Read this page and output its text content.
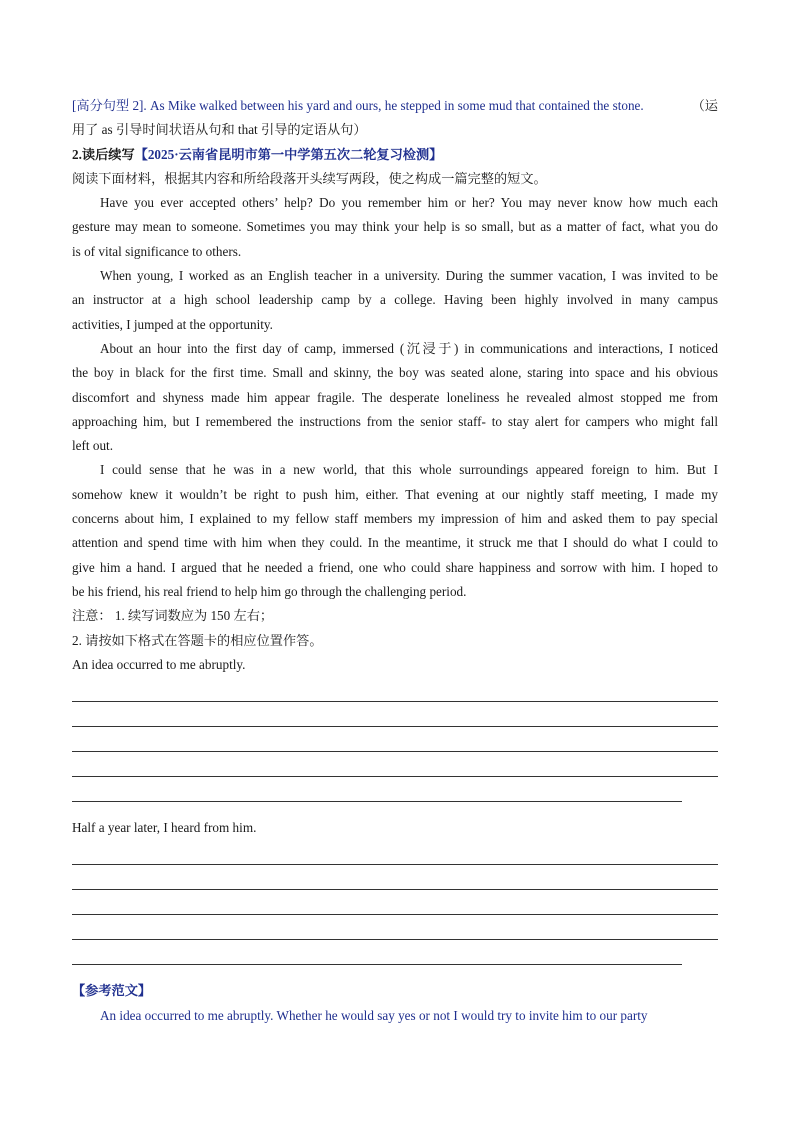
[高分句型 2]. As Mike walked between his yard and ours, he stepped in some mud that contained the stone.	（运
用了 as 引导时间状语从句和 that 引导的定语从句）
2.读后续写【2025·云南省昆明市第一中学第五次二轮复习检测】
阅读下面材料，根据其内容和所给段落开头续写两段，使之构成一篇完整的短文。
Have you ever accepted others’ help? Do you remember him or her? You may never know how much each
gesture may mean to someone. Sometimes you may think your help is so small, but as a matter of fact, what you do
is of vital significance to others.
When young, I worked as an English teacher in a university. During the summer vacation, I was invited to be
an instructor at a high school leadership camp by a college. Having been highly involved in many campus
activities, I jumped at the opportunity.
About an hour into the first day of camp, immersed (沉浸于) in communications and interactions, I noticed
the boy in black for the first time. Small and skinny, the boy was seated alone, staring into space and his obvious
discomfort and shyness made him appear fragile. The desperate loneliness he revealed almost stopped me from
approaching him, but I remembered the instructions from the senior staff- to stay alert for campers who might fall
left out.
I could sense that he was in a new world, that this whole surroundings appeared foreign to him. But I
somehow knew it wouldn’t be right to push him, either. That evening at our nightly staff meeting, I made my
concerns about him, I explained to my fellow staff members my impression of him and asked them to pay special
attention and spend time with him when they could. In the meantime, it struck me that I should do what I could to
give him a hand. I argued that he needed a friend, one who could share happiness and sorrow with him. I hoped to
be his friend, his real friend to help him go through the challenging period.
注意： 1. 续写词数应为 150 左右；
2. 请按如下格式在答题卡的相应位置作答。
An idea occurred to me abruptly.
Half a year later, I heard from him.
【参考范文】
An idea occurred to me abruptly. Whether he would say yes or not I would try to invite him to our party
